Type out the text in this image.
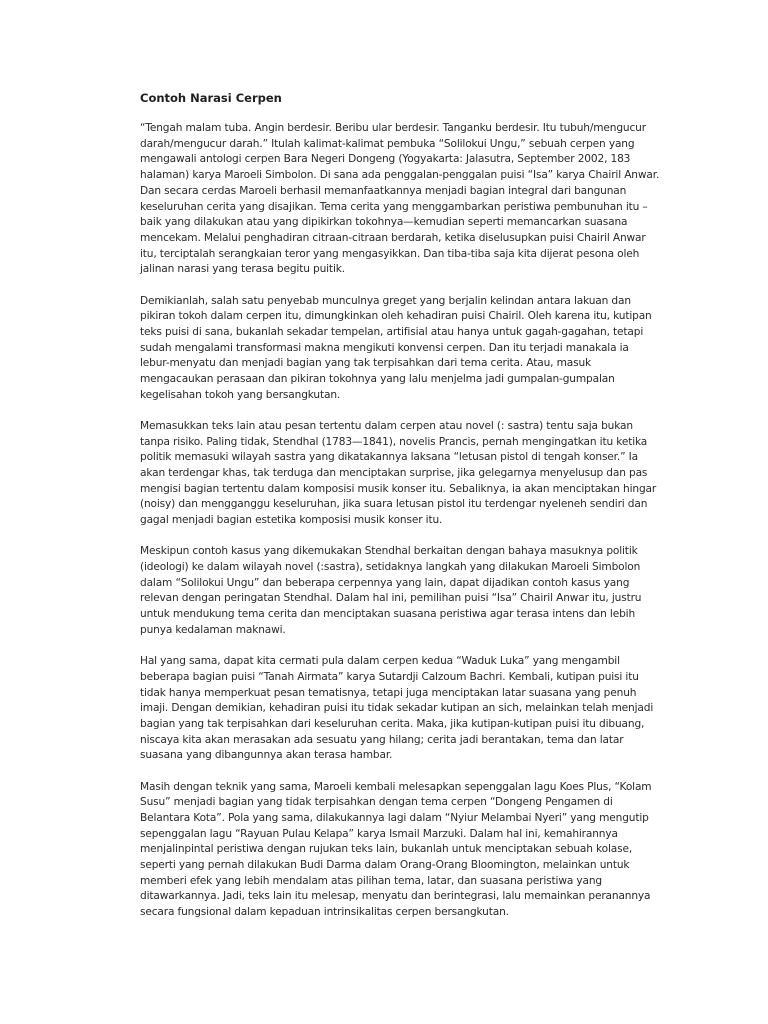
Contoh Narasi Cerpen

“Tengah malam tuba. Angin berdesir. Beribu ular berdesir. Tanganku berdesir. Itu tubuh/mengucur darah/mengucur darah.” Itulah kalimat-kalimat pembuka “Solilokui Ungu,” sebuah cerpen yang mengawali antologi cerpen Bara Negeri Dongeng (Yogyakarta: Jalasutra, September 2002, 183 halaman) karya Maroeli Simbolon. Di sana ada penggalan-penggalan puisi “Isa” karya Chairil Anwar. Dan secara cerdas Maroeli berhasil memanfaatkannya menjadi bagian integral dari bangunan keseluruhan cerita yang disajikan. Tema cerita yang menggambarkan peristiwa pembunuhan itu –baik yang dilakukan atau yang dipikirkan tokohnya—kemudian seperti memancarkan suasana mencekam. Melalui penghadiran citraan-citraan berdarah, ketika diselusupkan puisi Chairil Anwar itu, terciptalah serangkaian teror yang mengasyikkan. Dan tiba-tiba saja kita dijerat pesona oleh jalinan narasi yang terasa begitu puitik.

Demikianlah, salah satu penyebab munculnya greget yang berjalin kelindan antara lakuan dan pikiran tokoh dalam cerpen itu, dimungkinkan oleh kehadiran puisi Chairil. Oleh karena itu, kutipan teks puisi di sana, bukanlah sekadar tempelan, artifisial atau hanya untuk gagah-gagahan, tetapi sudah mengalami transformasi makna mengikuti konvensi cerpen. Dan itu terjadi manakala ia lebur-menyatu dan menjadi bagian yang tak terpisahkan dari tema cerita. Atau, masuk mengacaukan perasaan dan pikiran tokohnya yang lalu menjelma jadi gumpalan-gumpalan kegelisahan tokoh yang bersangkutan.

Memasukkan teks lain atau pesan tertentu dalam cerpen atau novel (: sastra) tentu saja bukan tanpa risiko. Paling tidak, Stendhal (1783—1841), novelis Prancis, pernah mengingatkan itu ketika politik memasuki wilayah sastra yang dikatakannya laksana “letusan pistol di tengah konser.” Ia akan terdengar khas, tak terduga dan menciptakan surprise, jika gelegarnya menyelusup dan pas mengisi bagian tertentu dalam komposisi musik konser itu. Sebaliknya, ia akan menciptakan hingar (noisy) dan mengganggu keseluruhan, jika suara letusan pistol itu terdengar nyeleneh sendiri dan gagal menjadi bagian estetika komposisi musik konser itu.

Meskipun contoh kasus yang dikemukakan Stendhal berkaitan dengan bahaya masuknya politik (ideologi) ke dalam wilayah novel (:sastra), setidaknya langkah yang dilakukan Maroeli Simbolon dalam “Solilokui Ungu” dan beberapa cerpennya yang lain, dapat dijadikan contoh kasus yang relevan dengan peringatan Stendhal. Dalam hal ini, pemilihan puisi “Isa” Chairil Anwar itu, justru untuk mendukung tema cerita dan menciptakan suasana peristiwa agar terasa intens dan lebih punya kedalaman maknawi.

Hal yang sama, dapat kita cermati pula dalam cerpen kedua “Waduk Luka” yang mengambil beberapa bagian puisi “Tanah Airmata” karya Sutardji Calzoum Bachri. Kembali, kutipan puisi itu tidak hanya memperkuat pesan tematisnya, tetapi juga menciptakan latar suasana yang penuh imaji. Dengan demikian, kehadiran puisi itu tidak sekadar kutipan an sich, melainkan telah menjadi bagian yang tak terpisahkan dari keseluruhan cerita. Maka, jika kutipan-kutipan puisi itu dibuang, niscaya kita akan merasakan ada sesuatu yang hilang; cerita jadi berantakan, tema dan latar suasana yang dibangunnya akan terasa hambar.

Masih dengan teknik yang sama, Maroeli kembali melesapkan sepenggalan lagu Koes Plus, “Kolam Susu” menjadi bagian yang tidak terpisahkan dengan tema cerpen “Dongeng Pengamen di Belantara Kota”. Pola yang sama, dilakukannya lagi dalam “Nyiur Melambai Nyeri” yang mengutip sepenggalan lagu “Rayuan Pulau Kelapa” karya Ismail Marzuki. Dalam hal ini, kemahirannya menjalinpintal peristiwa dengan rujukan teks lain, bukanlah untuk menciptakan sebuah kolase, seperti yang pernah dilakukan Budi Darma dalam Orang-Orang Bloomington, melainkan untuk memberi efek yang lebih mendalam atas pilihan tema, latar, dan suasana peristiwa yang ditawarkannya. Jadi, teks lain itu melesap, menyatu dan berintegrasi, lalu memainkan peranannya secara fungsional dalam kepaduan intrinsikalitas cerpen bersangkutan.
